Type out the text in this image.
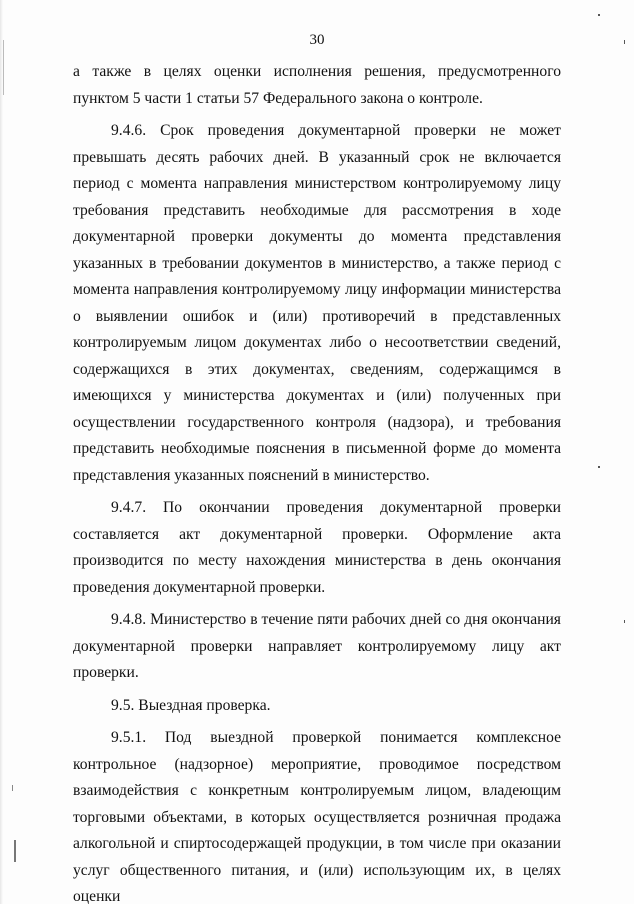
30

а также в целях оценки исполнения решения, предусмотренного пунктом 5 части 1 статьи 57 Федерального закона о контроле.

9.4.6. Срок проведения документарной проверки не может превышать десять рабочих дней. В указанный срок не включается период с момента направления министерством контролируемому лицу требования представить необходимые для рассмотрения в ходе документарной проверки документы до момента представления указанных в требовании документов в министерство, а также период с момента направления контролируемому лицу информации министерства о выявлении ошибок и (или) противоречий в представленных контролируемым лицом документах либо о несоответствии сведений, содержащихся в этих документах, сведениям, содержащимся в имеющихся у министерства документах и (или) полученных при осуществлении государственного контроля (надзора), и требования представить необходимые пояснения в письменной форме до момента представления указанных пояснений в министерство.

9.4.7. По окончании проведения документарной проверки составляется акт документарной проверки. Оформление акта производится по месту нахождения министерства в день окончания проведения документарной проверки.

9.4.8. Министерство в течение пяти рабочих дней со дня окончания документарной проверки направляет контролируемому лицу акт проверки.

9.5. Выездная проверка.

9.5.1. Под выездной проверкой понимается комплексное контрольное (надзорное) мероприятие, проводимое посредством взаимодействия с конкретным контролируемым лицом, владеющим торговыми объектами, в которых осуществляется розничная продажа алкогольной и спиртосодержащей продукции, в том числе при оказании услуг общественного питания, и (или) использующим их, в целях оценки
